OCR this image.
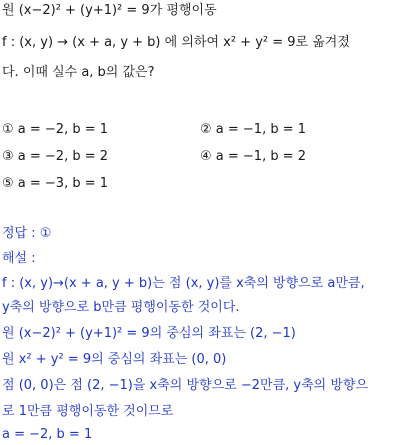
원 (x−2)² + (y+1)² = 9가 평행이동
f : (x, y) → (x + a, y + b) 에 의하여 x² + y² = 9로 옮겨졌
다. 이때 실수 a, b의 값은?
① a = −2, b = 1	② a = −1, b = 1
③ a = −2, b = 2	④ a = −1, b = 2
⑤ a = −3, b = 1
정답 : ①
해설 :
f : (x, y)→(x + a, y + b)는 점 (x, y)를 x축의 방향으로 a만큼,
y축의 방향으로 b만큼 평행이동한 것이다.
원 (x−2)² + (y+1)² = 9의 중심의 좌표는 (2, −1)
원 x² + y² = 9의 중심의 좌표는 (0, 0)
점 (0, 0)은 점 (2, −1)을 x축의 방향으로 −2만큼, y축의 방향으
로 1만큼 평행이동한 것이므로
a = −2, b = 1
